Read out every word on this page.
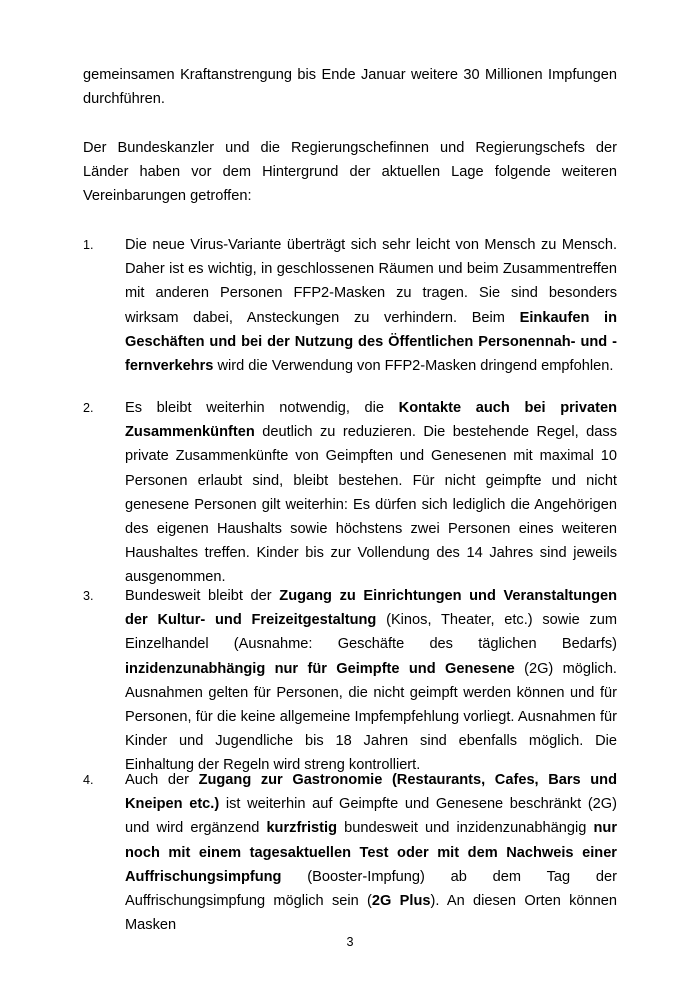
gemeinsamen Kraftanstrengung bis Ende Januar weitere 30 Millionen Impfungen durchführen.

Der Bundeskanzler und die Regierungschefinnen und Regierungschefs der Länder haben vor dem Hintergrund der aktuellen Lage folgende weiteren Vereinbarungen getroffen:

1.	Die neue Virus-Variante überträgt sich sehr leicht von Mensch zu Mensch. Daher ist es wichtig, in geschlossenen Räumen und beim Zusammentreffen mit anderen Personen FFP2-Masken zu tragen. Sie sind besonders wirksam dabei, Ansteckungen zu verhindern. Beim Einkaufen in Geschäften und bei der Nutzung des Öffentlichen Personennah- und -fernverkehrs wird die Verwendung von FFP2-Masken dringend empfohlen.
2.	Es bleibt weiterhin notwendig, die Kontakte auch bei privaten Zusammenkünften deutlich zu reduzieren. Die bestehende Regel, dass private Zusammenkünfte von Geimpften und Genesenen mit maximal 10 Personen erlaubt sind, bleibt bestehen. Für nicht geimpfte und nicht genesene Personen gilt weiterhin: Es dürfen sich lediglich die Angehörigen des eigenen Haushalts sowie höchstens zwei Personen eines weiteren Haushaltes treffen. Kinder bis zur Vollendung des 14 Jahres sind jeweils ausgenommen.
3.	Bundesweit bleibt der Zugang zu Einrichtungen und Veranstaltungen der Kultur- und Freizeitgestaltung (Kinos, Theater, etc.) sowie zum Einzelhandel (Ausnahme: Geschäfte des täglichen Bedarfs) inzidenzunabhängig nur für Geimpfte und Genesene (2G) möglich. Ausnahmen gelten für Personen, die nicht geimpft werden können und für Personen, für die keine allgemeine Impfempfehlung vorliegt. Ausnahmen für Kinder und Jugendliche bis 18 Jahren sind ebenfalls möglich. Die Einhaltung der Regeln wird streng kontrolliert.
4.	Auch der Zugang zur Gastronomie (Restaurants, Cafes, Bars und Kneipen etc.) ist weiterhin auf Geimpfte und Genesene beschränkt (2G) und wird ergänzend kurzfristig bundesweit und inzidenzunabhängig nur noch mit einem tagesaktuellen Test oder mit dem Nachweis einer Auffrischungsimpfung (Booster-Impfung) ab dem Tag der Auffrischungsimpfung möglich sein (2G Plus). An diesen Orten können Masken
3
